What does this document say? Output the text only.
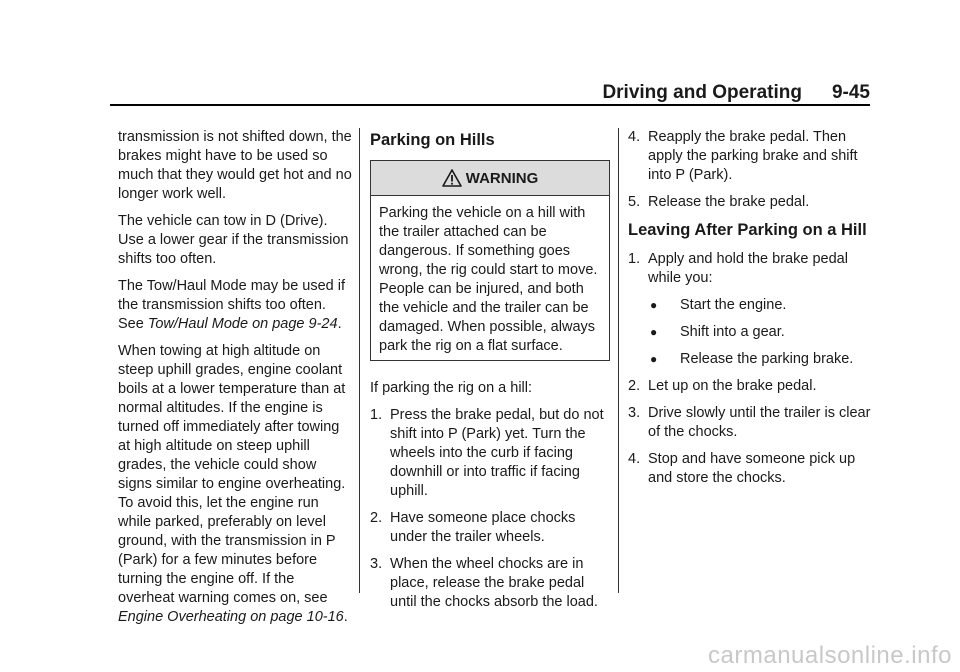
Driving and Operating 9-45

transmission is not shifted down, the brakes might have to be used so much that they would get hot and no longer work well.

The vehicle can tow in D (Drive). Use a lower gear if the transmission shifts too often.

The Tow/Haul Mode may be used if the transmission shifts too often. See Tow/Haul Mode on page 9-24.

When towing at high altitude on steep uphill grades, engine coolant boils at a lower temperature than at normal altitudes. If the engine is turned off immediately after towing at high altitude on steep uphill grades, the vehicle could show signs similar to engine overheating. To avoid this, let the engine run while parked, preferably on level ground, with the transmission in P (Park) for a few minutes before turning the engine off. If the overheat warning comes on, see Engine Overheating on page 10-16.

Parking on Hills
WARNING
Parking the vehicle on a hill with the trailer attached can be dangerous. If something goes wrong, the rig could start to move. People can be injured, and both the vehicle and the trailer can be damaged. When possible, always park the rig on a flat surface.

If parking the rig on a hill:

1. Press the brake pedal, but do not shift into P (Park) yet. Turn the wheels into the curb if facing downhill or into traffic if facing uphill.
2. Have someone place chocks under the trailer wheels.
3. When the wheel chocks are in place, release the brake pedal until the chocks absorb the load.
4. Reapply the brake pedal. Then apply the parking brake and shift into P (Park).
5. Release the brake pedal.
Leaving After Parking on a Hill
1. Apply and hold the brake pedal while you:
●	Start the engine.
●	Shift into a gear.
●	Release the parking brake.
2. Let up on the brake pedal.
3. Drive slowly until the trailer is clear of the chocks.
4. Stop and have someone pick up and store the chocks.
carmanualsonline.info
